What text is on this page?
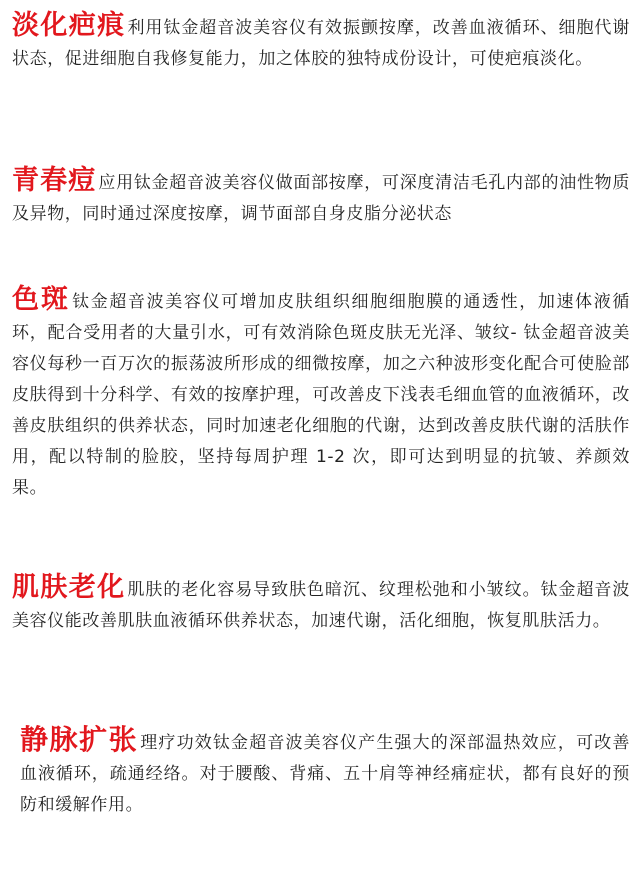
淡化疤痕 利用钛金超音波美容仪有效振颤按摩，改善血液循环、细胞代谢状态，促进细胞自我修复能力，加之体胶的独特成份设计，可使疤痕淡化。
青春痘 应用钛金超音波美容仪做面部按摩，可深度清洁毛孔内部的油性物质及异物，同时通过深度按摩，调节面部自身皮脂分泌状态
色斑 钛金超音波美容仪可增加皮肤组织细胞细胞膜的通透性，加速体液循环，配合受用者的大量引水，可有效消除色斑皮肤无光泽、皱纹- 钛金超音波美容仪每秒一百万次的振荡波所形成的细微按摩，加之六种波形变化配合可使脸部皮肤得到十分科学、有效的按摩护理，可改善皮下浅表毛细血管的血液循环，改善皮肤组织的供养状态，同时加速老化细胞的代谢，达到改善皮肤代谢的活肤作用，配以特制的脸胶，坚持每周护理 1-2 次，即可达到明显的抗皱、养颜效果。
肌肤老化 肌肤的老化容易导致肤色暗沉、纹理松弛和小皱纹。钛金超音波美容仪能改善肌肤血液循环供养状态，加速代谢，活化细胞，恢复肌肤活力。
静脉扩张 理疗功效钛金超音波美容仪产生强大的深部温热效应，可改善血液循环，疏通经络。对于腰酸、背痛、五十肩等神经痛症状，都有良好的预防和缓解作用。
